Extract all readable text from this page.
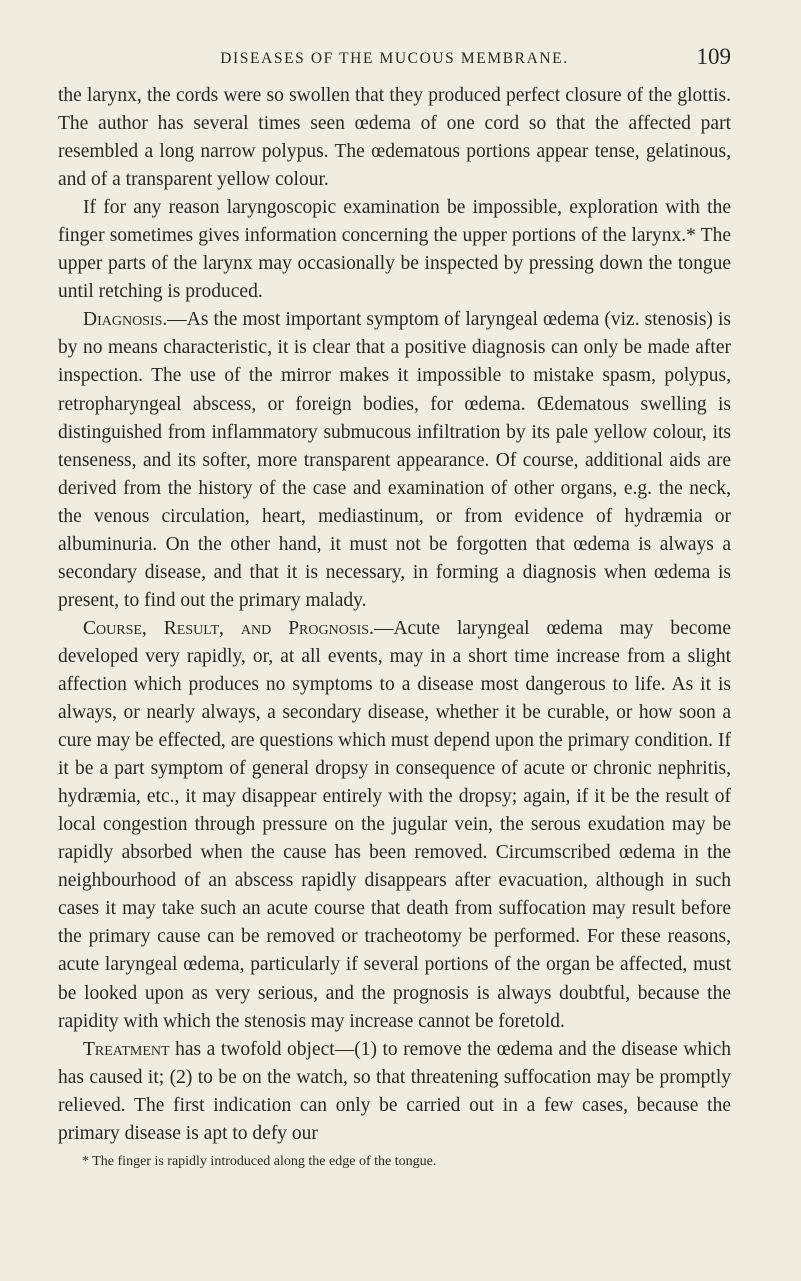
DISEASES OF THE MUCOUS MEMBRANE.	109

the larynx, the cords were so swollen that they produced perfect closure of the glottis. The author has several times seen œdema of one cord so that the affected part resembled a long narrow polypus. The œdematous portions appear tense, gelatinous, and of a transparent yellow colour.

If for any reason laryngoscopic examination be impossible, exploration with the finger sometimes gives information concerning the upper portions of the larynx.* The upper parts of the larynx may occasionally be inspected by pressing down the tongue until retching is produced.

Diagnosis.—As the most important symptom of laryngeal œdema (viz. stenosis) is by no means characteristic, it is clear that a positive diagnosis can only be made after inspection. The use of the mirror makes it impossible to mistake spasm, polypus, retropharyngeal abscess, or foreign bodies, for œdema. Œdematous swelling is distinguished from inflammatory submucous infiltration by its pale yellow colour, its tenseness, and its softer, more transparent appearance. Of course, additional aids are derived from the history of the case and examination of other organs, e.g. the neck, the venous circulation, heart, mediastinum, or from evidence of hydræmia or albuminuria. On the other hand, it must not be forgotten that œdema is always a secondary disease, and that it is necessary, in forming a diagnosis when œdema is present, to find out the primary malady.

Course, Result, and Prognosis.—Acute laryngeal œdema may become developed very rapidly, or, at all events, may in a short time increase from a slight affection which produces no symptoms to a disease most dangerous to life. As it is always, or nearly always, a secondary disease, whether it be curable, or how soon a cure may be effected, are questions which must depend upon the primary condition. If it be a part symptom of general dropsy in consequence of acute or chronic nephritis, hydræmia, etc., it may disappear entirely with the dropsy; again, if it be the result of local congestion through pressure on the jugular vein, the serous exudation may be rapidly absorbed when the cause has been removed. Circumscribed œdema in the neighbourhood of an abscess rapidly disappears after evacuation, although in such cases it may take such an acute course that death from suffocation may result before the primary cause can be removed or tracheotomy be performed. For these reasons, acute laryngeal œdema, particularly if several portions of the organ be affected, must be looked upon as very serious, and the prognosis is always doubtful, because the rapidity with which the stenosis may increase cannot be foretold.

Treatment has a twofold object—(1) to remove the œdema and the disease which has caused it; (2) to be on the watch, so that threatening suffocation may be promptly relieved. The first indication can only be carried out in a few cases, because the primary disease is apt to defy our

* The finger is rapidly introduced along the edge of the tongue.
